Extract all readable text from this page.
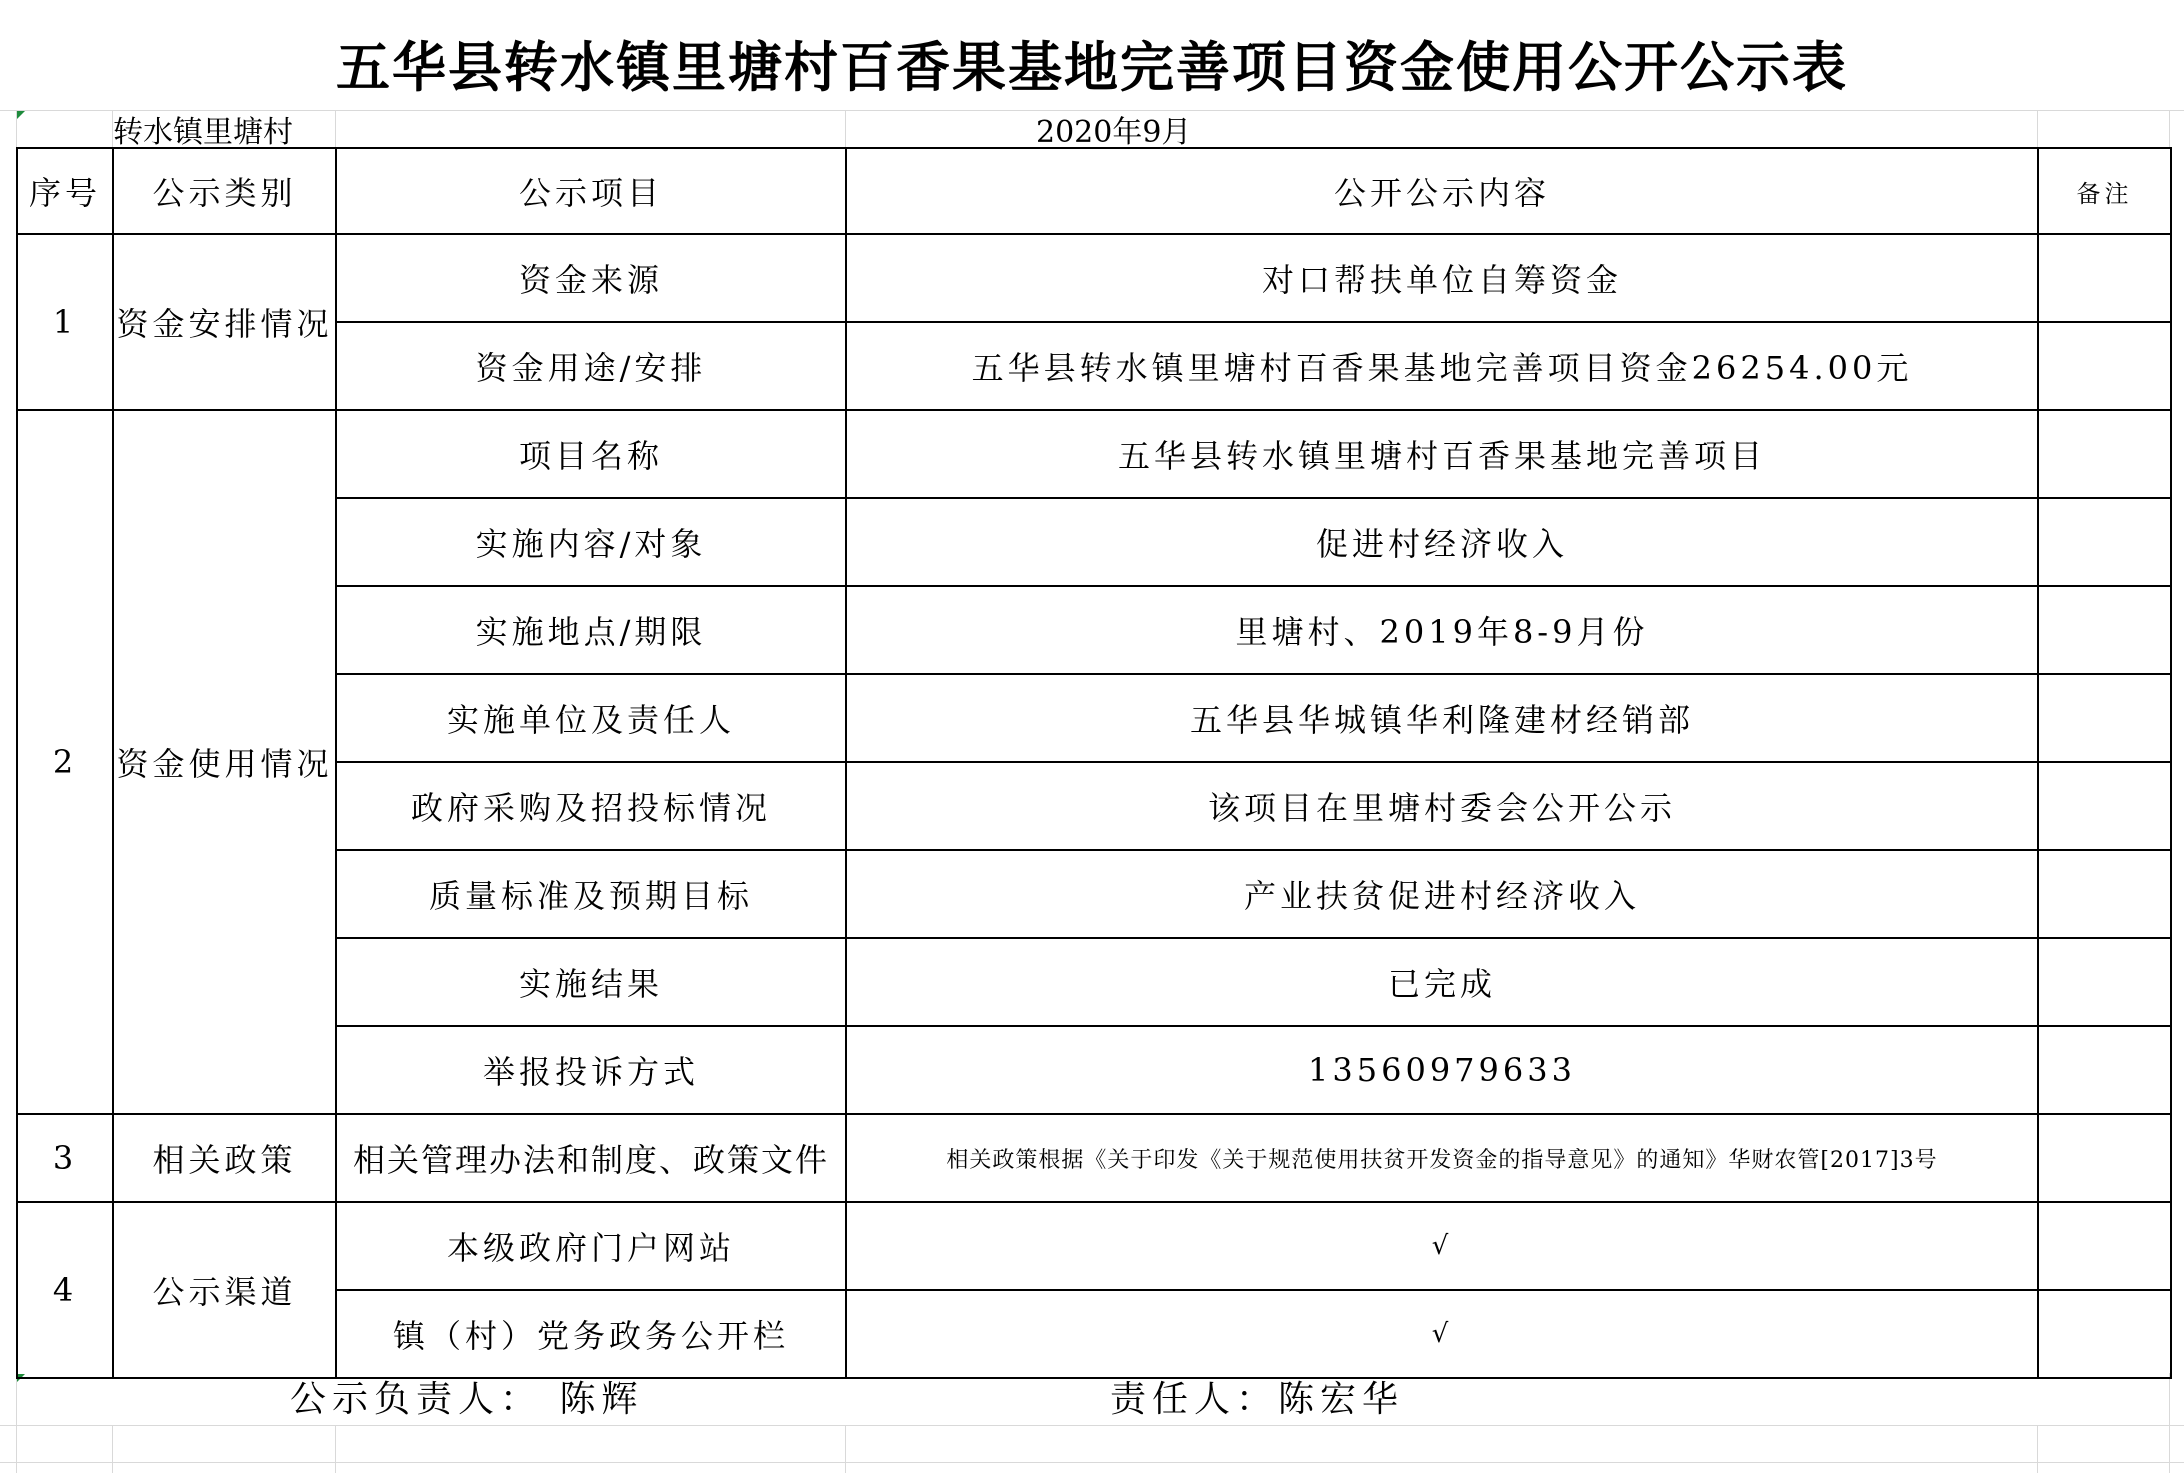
五华县转水镇里塘村百香果基地完善项目资金使用公开公示表
转水镇里塘村	2020年9月
序号	公示类别	公示项目	公开公示内容	备注
1	资金安排情况	资金来源	对口帮扶单位自筹资金	
		资金用途/安排	五华县转水镇里塘村百香果基地完善项目资金26254.00元	
2	资金使用情况	项目名称	五华县转水镇里塘村百香果基地完善项目	
		实施内容/对象	促进村经济收入	
		实施地点/期限	里塘村、2019年8-9月份	
		实施单位及责任人	五华县华城镇华利隆建材经销部	
		政府采购及招投标情况	该项目在里塘村委会公开公示	
		质量标准及预期目标	产业扶贫促进村经济收入	
		实施结果	已完成	
		举报投诉方式	13560979633	
3	相关政策	相关管理办法和制度、政策文件	相关政策根据《关于印发《关于规范使用扶贫开发资金的指导意见》的通知》华财农管[2017]3号	
4	公示渠道	本级政府门户网站	√	
		镇（村）党务政务公开栏	√	
公示负责人： 陈辉	责任人：陈宏华
